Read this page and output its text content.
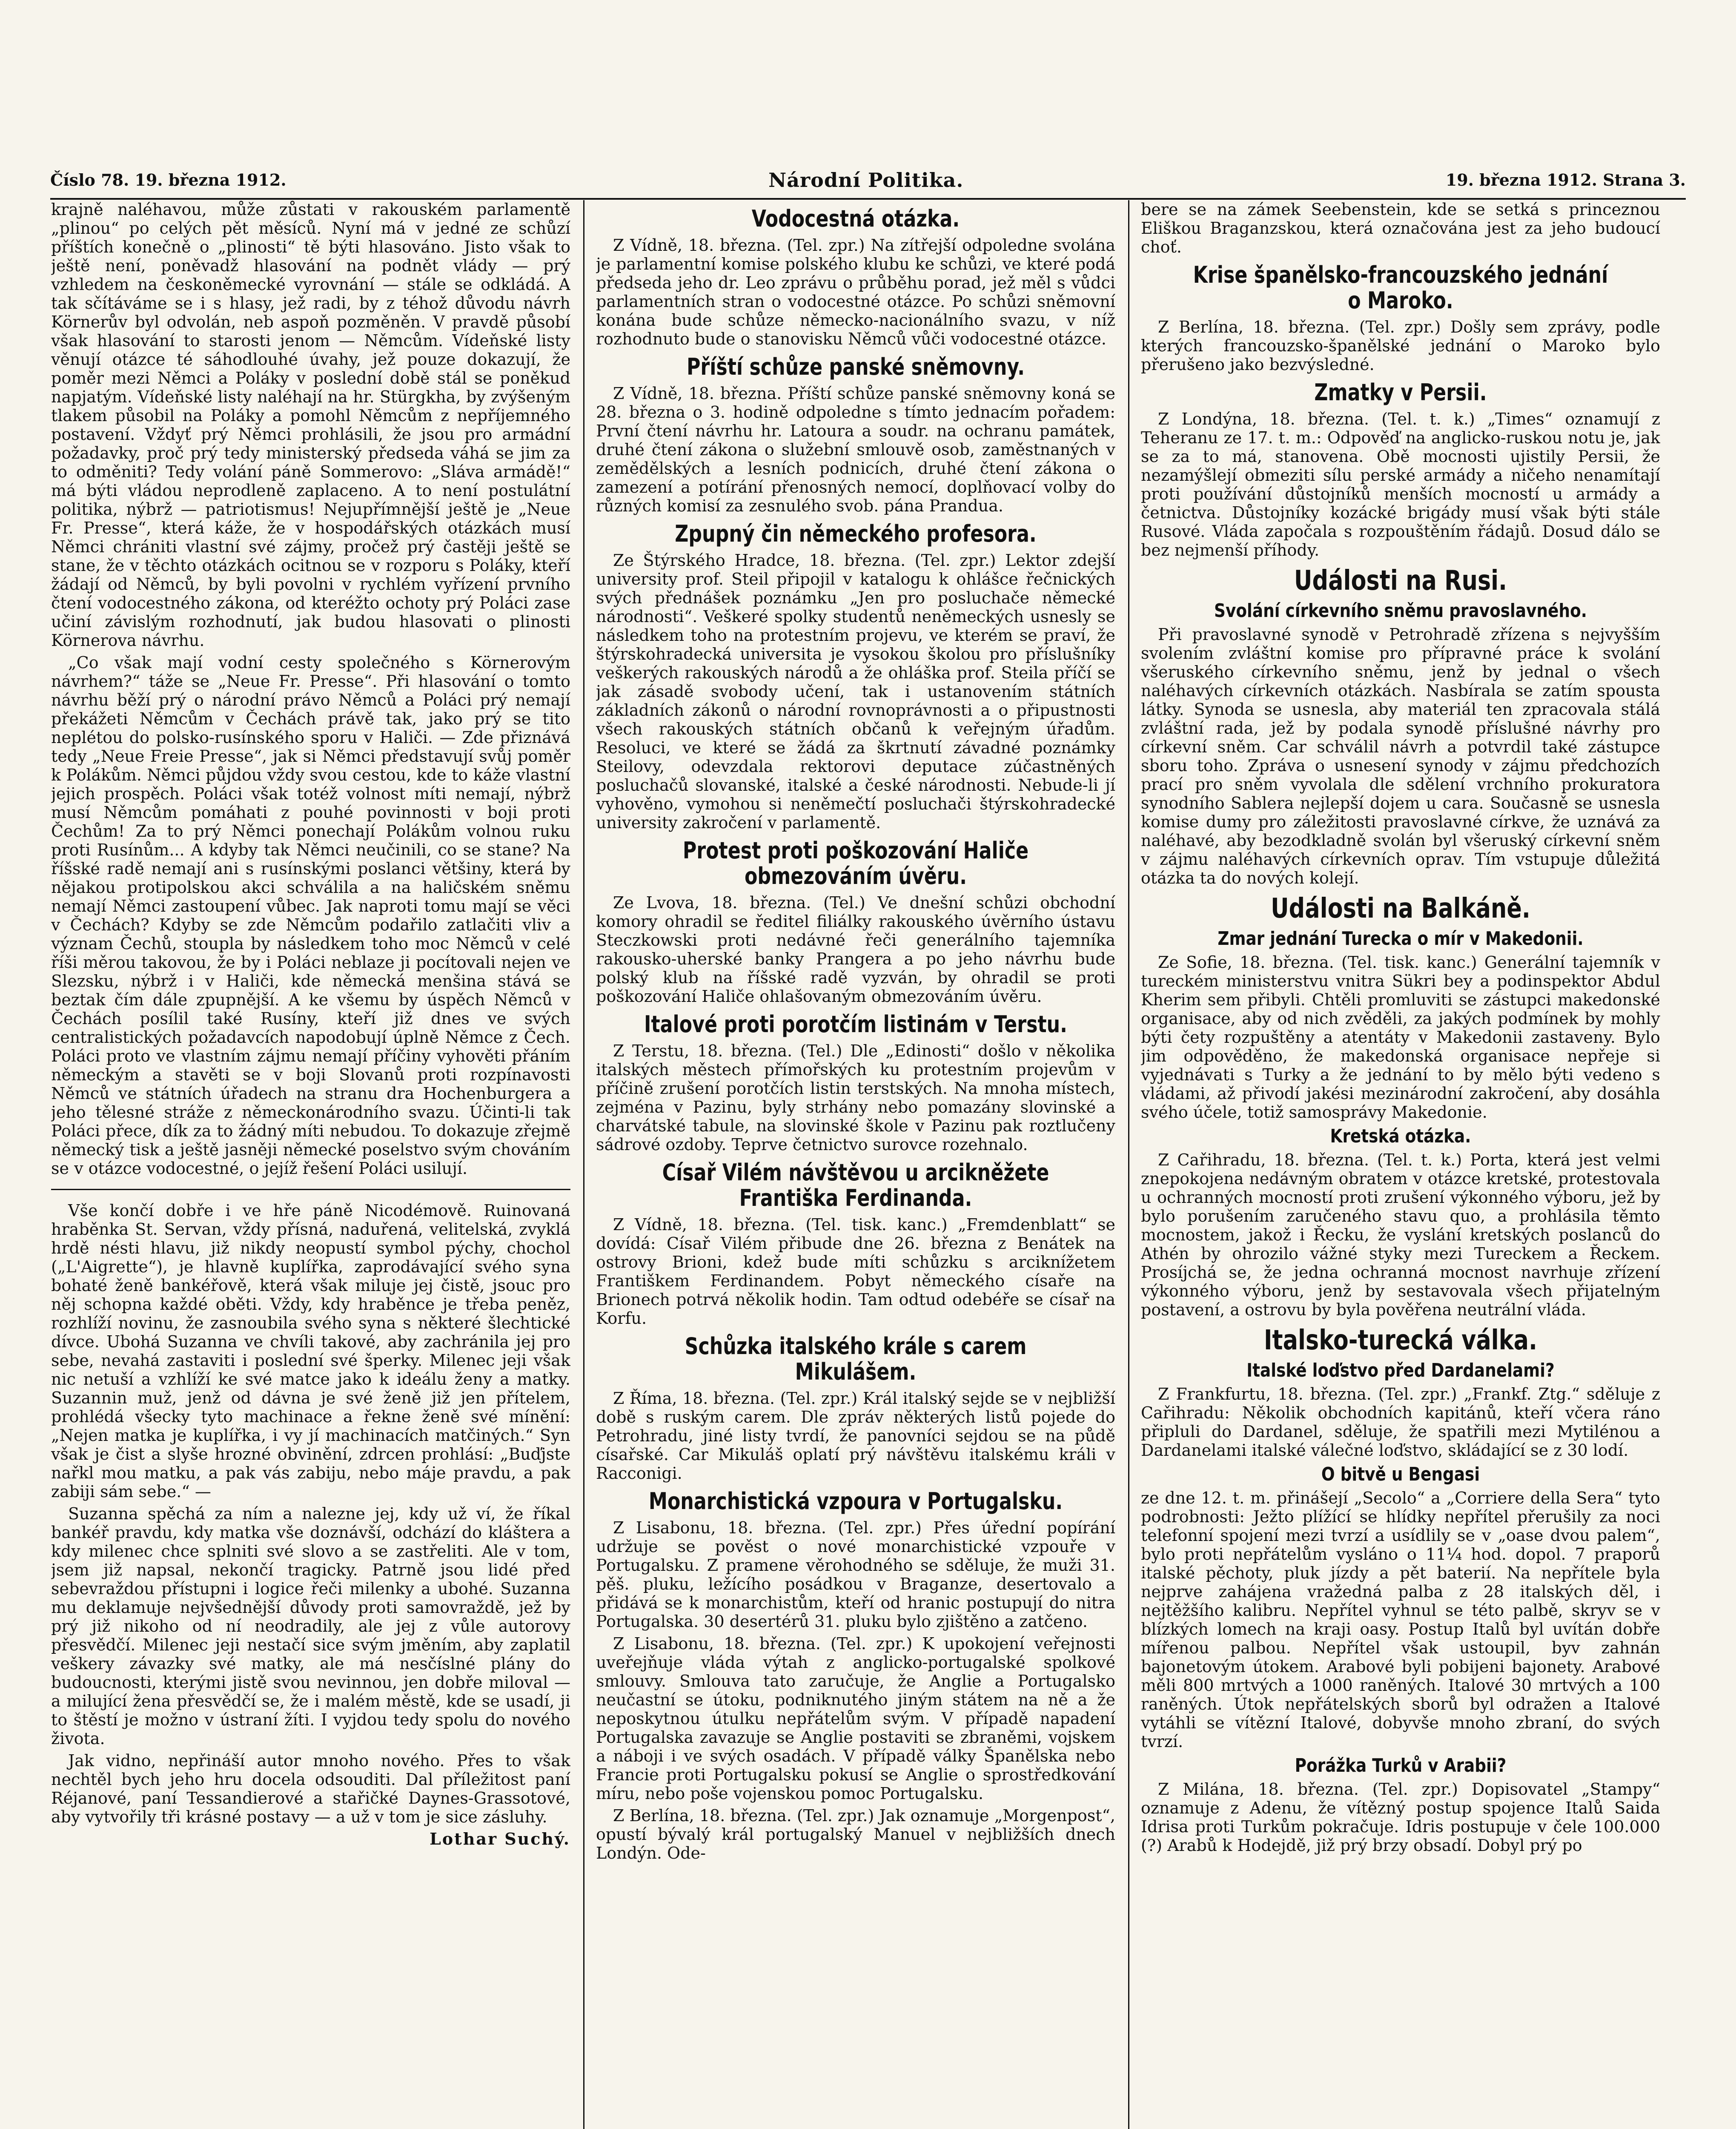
Číslo 78. 19. března 1912.	Národní Politika.	19. března 1912. Strana 3.

krajně naléhavou, může zůstati v rakouském parlamentě „plinou“ po celých pět měsíců. Nyní má v jedné ze schůzí příštích konečně o „plinosti“ tě býti hlasováno. Jisto však to ještě není, poněvadž hlasování na podnět vlády — prý vzhledem na českoněmecké vyrovnání — stále se odkládá. A tak sčítáváme se i s hlasy, jež radi, by z téhož důvodu návrh Körnerův byl odvolán, neb aspoň pozměněn. V pravdě působí však hlasování to starosti jenom — Němcům. Vídeňské listy věnují otázce té sáhodlouhé úvahy, jež pouze dokazují, že poměr mezi Němci a Poláky v poslední době stál se poněkud napjatým. Vídeňské listy naléhají na hr. Stürgkha, by zvýšeným tlakem působil na Poláky a pomohl Němcům z nepříjemného postavení. Vždyť prý Němci prohlásili, že jsou pro armádní požadavky, proč prý tedy ministerský předseda váhá se jim za to odměniti? Tedy volání páně Sommerovo: „Sláva armádě!“ má býti vládou neprodleně zaplaceno. A to není postulátní politika, nýbrž — patriotismus! Nejupřímnější ještě je „Neue Fr. Presse“, která káže, že v hospodářských otázkách musí Němci chrániti vlastní své zájmy, pročež prý častěji ještě se stane, že v těchto otázkách ocitnou se v rozporu s Poláky, kteří žádají od Němců, by byli povolni v rychlém vyřízení prvního čtení vodocestného zákona, od kteréžto ochoty prý Poláci zase učiní závislým rozhodnutí, jak budou hlasovati o plinosti Körnerova návrhu.

„Co však mají vodní cesty společného s Körnerovým návrhem?“ táže se „Neue Fr. Presse“. Při hlasování o tomto návrhu běží prý o národní právo Němců a Poláci prý nemají překážeti Němcům v Čechách právě tak, jako prý se tito neplétou do polsko-rusínského sporu v Haliči. — Zde přiznává tedy „Neue Freie Presse“, jak si Němci představují svůj poměr k Polákům. Němci půjdou vždy svou cestou, kde to káže vlastní jejich prospěch. Poláci však totéž volnost míti nemají, nýbrž musí Němcům pomáhati z pouhé povinnosti v boji proti Čechům! Za to prý Němci ponechají Polákům volnou ruku proti Rusínům... A kdyby tak Němci neučinili, co se stane? Na říšské radě nemají ani s rusínskými poslanci většiny, která by nějakou protipolskou akci schválila a na haličském sněmu nemají Němci zastoupení vůbec. Jak naproti tomu mají se věci v Čechách? Kdyby se zde Němcům podařilo zatlačiti vliv a význam Čechů, stoupla by následkem toho moc Němců v celé říši měrou takovou, že by i Poláci neblaze ji pocítovali nejen ve Slezsku, nýbrž i v Haliči, kde německá menšina stává se beztak čím dále zpupnější. A ke všemu by úspěch Němců v Čechách posílil také Rusíny, kteří již dnes ve svých centralistických požadavcích napodobují úplně Němce z Čech. Poláci proto ve vlastním zájmu nemají příčiny vyhověti přáním německým a stavěti se v boji Slovanů proti rozpínavosti Němců ve státních úřadech na stranu dra Hochenburgera a jeho tělesné stráže z německonárodního svazu. Účinti-li tak Poláci přece, dík za to žádný míti nebudou. To dokazuje zřejmě německý tisk a ještě jasněji německé poselstvo svým chováním se v otázce vodocestné, o jejíž řešení Poláci usilují.

Vše končí dobře i ve hře páně Nicodémově. Ruinovaná hraběnka St. Servan, vždy přísná, naduřená, velitelská, zvyklá hrdě nésti hlavu, již nikdy neopustí symbol pýchy, chochol („L'Aigrette“), je hlavně kuplířka, zaprodávající svého syna bohaté ženě bankéřově, která však miluje jej čistě, jsouc pro něj schopna každé oběti. Vždy, kdy hraběnce je třeba peněz, rozhlíží novinu, že zasnoubila svého syna s některé šlechtické dívce. Ubohá Suzanna ve chvíli takové, aby zachránila jej pro sebe, nevahá zastaviti i poslední své šperky. Milenec jeji však nic netuší a vzhlíží ke své matce jako k ideálu ženy a matky. Suzannin muž, jenž od dávna je své ženě již jen přítelem, prohlédá všecky tyto machinace a řekne ženě své mínění: „Nejen matka je kuplířka, i vy jí machinacích matčiných.“ Syn však je čist a slyše hrozné obvinění, zdrcen prohlásí: „Buďjste nařkl mou matku, a pak vás zabiju, nebo máje pravdu, a pak zabiji sám sebe.“ —

Suzanna spěchá za ním a nalezne jej, kdy už ví, že říkal bankéř pravdu, kdy matka vše doznávší, odchází do kláštera a kdy milenec chce splniti své slovo a se zastřeliti. Ale v tom, jsem již napsal, nekončí tragicky. Patrně jsou lidé před sebevraždou přístupni i logice řeči milenky a ubohé. Suzanna mu deklamuje nejvšednější důvody proti samovraždě, jež by prý již nikoho od ní neodradily, ale jej z vůle autorovy přesvědčí. Milenec jeji nestačí sice svým jměním, aby zaplatil veškery závazky své matky, ale má nesčíslné plány do budoucnosti, kterými jistě svou nevinnou, jen dobře miloval — a milující žena přesvědčí se, že i malém městě, kde se usadí, ji to štěstí je možno v ústraní žíti. I vyjdou tedy spolu do nového života.

Jak vidno, nepřináší autor mnoho nového. Přes to však nechtěl bych jeho hru docela odsouditi. Dal příležitost paní Réjanové, paní Tessandierové a stařičké Daynes-Grassotové, aby vytvořily tři krásné postavy — a už v tom je sice zásluhy.

Lothar Suchý.
Vodocestná otázka.

Z Vídně, 18. března. (Tel. zpr.) Na zítřejší odpoledne svolána je parlamentní komise polského klubu ke schůzi, ve které podá předseda jeho dr. Leo zprávu o průběhu porad, jež měl s vůdci parlamentních stran o vodocestné otázce. Po schůzi sněmovní konána bude schůze německo-nacionálního svazu, v níž rozhodnuto bude o stanovisku Němců vůči vodocestné otázce.

Příští schůze panské sněmovny.

Z Vídně, 18. března. Příští schůze panské sněmovny koná se 28. března o 3. hodině odpoledne s tímto jednacím pořadem: První čtení návrhu hr. Latoura a soudr. na ochranu památek, druhé čtení zákona o služební smlouvě osob, zaměstnaných v zemědělských a lesních podnicích, druhé čtení zákona o zamezení a potírání přenosných nemocí, doplňovací volby do různých komisí za zesnulého svob. pána Prandua.

Zpupný čin německého profesora.

Ze Štýrského Hradce, 18. března. (Tel. zpr.) Lektor zdejší university prof. Steil připojil v katalogu k ohlášce řečnických svých přednášek poznámku „Jen pro posluchače německé národnosti“. Veškeré spolky studentů neněmeckých usnesly se následkem toho na protestním projevu, ve kterém se praví, že štýrskohradecká universita je vysokou školou pro příslušníky veškerých rakouských národů a že ohláška prof. Steila příčí se jak zásadě svobody učení, tak i ustanovením státních základních zákonů o národní rovnoprávnosti a o připustnosti všech rakouských státních občanů k veřejným úřadům. Resoluci, ve které se žádá za škrtnutí závadné poznámky Steilovy, odevzdala rektorovi deputace zúčastněných posluchačů slovanské, italské a české národnosti. Nebude-li jí vyhověno, vymohou si neněmečtí posluchači štýrskohradecké university zakročení v parlamentě.

Protest proti poškozování Haliče obmezováním úvěru.

Ze Lvova, 18. března. (Tel.) Ve dnešní schůzi obchodní komory ohradil se ředitel filiálky rakouského úvěrního ústavu Steczkowski proti nedávné řeči generálního tajemníka rakousko-uherské banky Prangera a po jeho návrhu bude polský klub na říšské radě vyzván, by ohradil se proti poškozování Haliče ohlašovaným obmezováním úvěru.

Italové proti porotčím listinám v Terstu.

Z Terstu, 18. března. (Tel.) Dle „Edinosti“ došlo v několika italských městech přímořských ku protestním projevům v příčině zrušení porotčích listin terstských. Na mnoha místech, zejména v Pazinu, byly strhány nebo pomazány slovinské a charvátské tabule, na slovinské škole v Pazinu pak roztlučeny sádrové ozdoby. Teprve četnictvo surovce rozehnalo.

Císař Vilém návštěvou u arcikněžete Františka Ferdinanda.

Z Vídně, 18. března. (Tel. tisk. kanc.) „Fremdenblatt“ se dovídá: Císař Vilém přibude dne 26. března z Benátek na ostrovy Brioni, kdež bude míti schůzku s arciknížetem Františkem Ferdinandem. Pobyt německého císaře na Brionech potrvá několik hodin. Tam odtud odebéře se císař na Korfu.

Schůzka italského krále s carem Mikulášem.

Z Říma, 18. března. (Tel. zpr.) Král italský sejde se v nejbližší době s ruským carem. Dle zpráv některých listů pojede do Petrohradu, jiné listy tvrdí, že panovníci sejdou se na půdě císařské. Car Mikuláš oplatí prý návštěvu italskému králi v Racconigi.

Monarchistická vzpoura v Portugalsku.

Z Lisabonu, 18. března. (Tel. zpr.) Přes úřední popírání udržuje se pověst o nové monarchistické vzpouře v Portugalsku. Z pramene věrohodného se sděluje, že muži 31. pěš. pluku, ležícího posádkou v Braganze, desertovalo a přidává se k monarchistům, kteří od hranic postupují do nitra Portugalska. 30 desertérů 31. pluku bylo zjištěno a zatčeno.

Z Lisabonu, 18. března. (Tel. zpr.) K upokojení veřejnosti uveřejňuje vláda výtah z anglicko-portugalské spolkové smlouvy. Smlouva tato zaručuje, že Anglie a Portugalsko neučastní se útoku, podniknutého jiným státem na ně a že neposkytnou útulku nepřátelům svým. V případě napadení Portugalska zavazuje se Anglie postaviti se zbraněmi, vojskem a náboji i ve svých osadách. V případě války Španělska nebo Francie proti Portugalsku pokusí se Anglie o sprostředkování míru, nebo poše vojenskou pomoc Portugalsku.

Z Berlína, 18. března. (Tel. zpr.) Jak oznamuje „Morgenpost“, opustí bývalý král portugalský Manuel v nejbližších dnech Londýn. Ode-

bere se na zámek Seebenstein, kde se setká s princeznou Eliškou Braganzskou, která označována jest za jeho budoucí choť.

Krise španělsko-francouzského jednání o Maroko.

Z Berlína, 18. března. (Tel. zpr.) Došly sem zprávy, podle kterých francouzsko-španělské jednání o Maroko bylo přerušeno jako bezvýsledné.

Zmatky v Persii.

Z Londýna, 18. března. (Tel. t. k.) „Times“ oznamují z Teheranu ze 17. t. m.: Odpověď na anglicko-ruskou notu je, jak se za to má, stanovena. Obě mocnosti ujistily Persii, že nezamýšlejí obmeziti sílu perské armády a ničeho nenamítají proti používání důstojníků menších mocností u armády a četnictva. Důstojníky kozácké brigády musí však býti stále Rusové. Vláda započala s rozpouštěním řádajů. Dosud dálo se bez nejmenší příhody.

Události na Rusi.
Svolání církevního sněmu pravoslavného.

Při pravoslavné synodě v Petrohradě zřízena s nejvyšším svolením zvláštní komise pro přípravné práce k svolání všeruského církevního sněmu, jenž by jednal o všech naléhavých církevních otázkách. Nasbírala se zatím spousta látky. Synoda se usnesla, aby materiál ten zpracovala stálá zvláštní rada, jež by podala synodě příslušné návrhy pro církevní sněm. Car schválil návrh a potvrdil také zástupce sboru toho. Zpráva o usnesení synody v zájmu předchozích prací pro sněm vyvolala dle sdělení vrchního prokuratora synodního Sablera nejlepší dojem u cara. Současně se usnesla komise dumy pro záležitosti pravoslavné církve, že uznává za naléhavé, aby bezodkladně svolán byl všeruský církevní sněm v zájmu naléhavých církevních oprav. Tím vstupuje důležitá otázka ta do nových kolejí.

Události na Balkáně.
Zmar jednání Turecka o mír v Makedonii.

Ze Sofie, 18. března. (Tel. tisk. kanc.) Generální tajemník v tureckém ministerstvu vnitra Sükri bey a podinspektor Abdul Kherim sem přibyli. Chtěli promluviti se zástupci makedonské organisace, aby od nich zvěděli, za jakých podmínek by mohly býti čety rozpuštěny a atentáty v Makedonii zastaveny. Bylo jim odpověděno, že makedonská organisace nepřeje si vyjednávati s Turky a že jednání to by mělo býti vedeno s vládami, až přivodí jakési mezinárodní zakročení, aby dosáhla svého účele, totiž samosprávy Makedonie.

Kretská otázka.

Z Cařihradu, 18. března. (Tel. t. k.) Porta, která jest velmi znepokojena nedávným obratem v otázce kretské, protestovala u ochranných mocností proti zrušení výkonného výboru, jež by bylo porušením zaručeného stavu quo, a prohlásila těmto mocnostem, jakož i Řecku, že vyslání kretských poslanců do Athén by ohrozilo vážné styky mezi Tureckem a Řeckem. Prosíjchá se, že jedna ochranná mocnost navrhuje zřízení výkonného výboru, jenž by sestavovala všech přijatelným postavení, a ostrovu by byla pověřena neutrální vláda.

Italsko-turecká válka.
Italské loďstvo před Dardanelami?

Z Frankfurtu, 18. března. (Tel. zpr.) „Frankf. Ztg.“ sděluje z Cařihradu: Několik obchodních kapitánů, kteří včera ráno připluli do Dardanel, sděluje, že spatřili mezi Mytilénou a Dardanelami italské válečné loďstvo, skládající se z 30 lodí.

O bitvě u Bengasi

ze dne 12. t. m. přinášejí „Secolo“ a „Corriere della Sera“ tyto podrobnosti: Ježto plížící se hlídky nepřítel přerušily za noci telefonní spojení mezi tvrzí a usídlily se v „oase dvou palem“, bylo proti nepřátelům vysláno o 11¼ hod. dopol. 7 praporů italské pěchoty, pluk jízdy a pět baterií. Na nepřítele byla nejprve zahájena vražedná palba z 28 italských děl, i nejtěžšího kalibru. Nepřítel vyhnul se této palbě, skryv se v blízkých lomech na kraji oasy. Postup Italů byl uvítán dobře mířenou palbou. Nepřítel však ustoupil, byv zahnán bajonetovým útokem. Arabové byli pobijeni bajonety. Arabové měli 800 mrtvých a 1000 raněných. Italové 30 mrtvých a 100 raněných. Útok nepřátelských sborů byl odražen a Italové vytáhli se vítězní Italové, dobyvše mnoho zbraní, do svých tvrzí.

Porážka Turků v Arabii?

Z Milána, 18. března. (Tel. zpr.) Dopisovatel „Stampy“ oznamuje z Adenu, že vítězný postup spojence Italů Saida Idrisa proti Turkům pokračuje. Idris postupuje v čele 100.000 (?) Arabů k Hodejdě, již prý brzy obsadí. Dobyl prý po
